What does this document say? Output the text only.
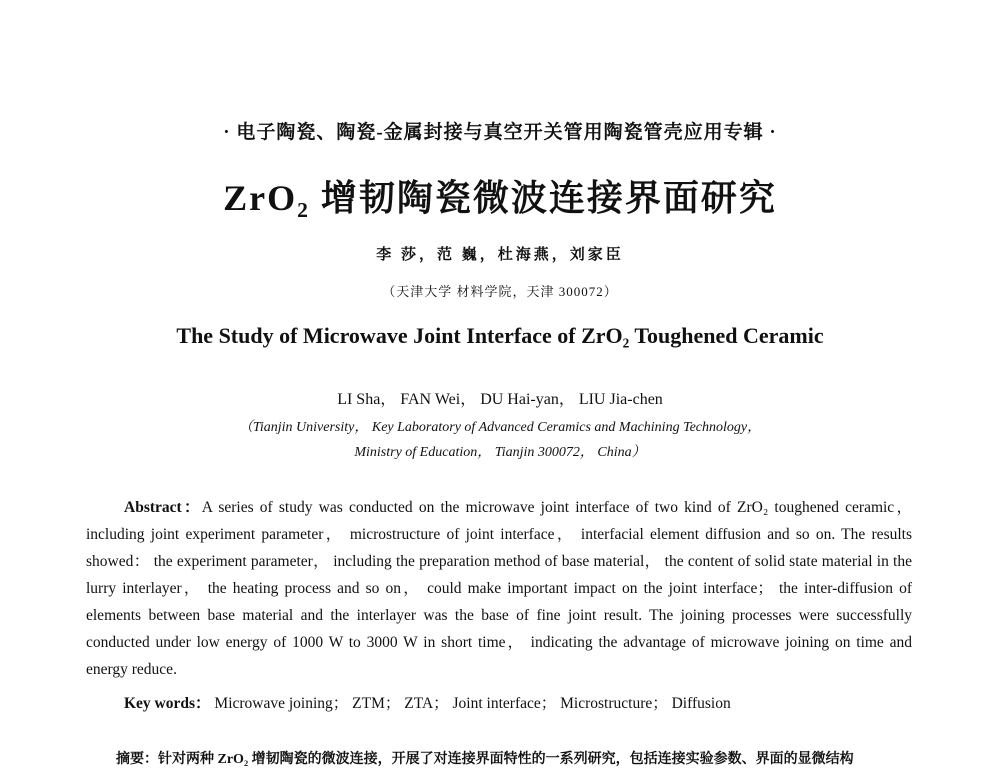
· 电子陶瓷、陶瓷-金属封接与真空开关管用陶瓷管壳应用专辑 ·
ZrO₂ 增韧陶瓷微波连接界面研究
李 莎，范 巍，杜海燕，刘家臣
（天津大学 材料学院，天津 300072）
The Study of Microwave Joint Interface of ZrO₂ Toughened Ceramic
LI Sha， FAN Wei， DU Hai-yan， LIU Jia-chen
（Tianjin University， Key Laboratory of Advanced Ceramics and Machining Technology，
Ministry of Education， Tianjin 300072， China）
Abstract：A series of study was conducted on the microwave joint interface of two kind of ZrO₂ toughened ceramic， including joint experiment parameter， microstructure of joint interface， interfacial element diffusion and so on. The results showed： the experiment parameter， including the preparation method of base material， the content of solid state material in the lurry interlayer， the heating process and so on， could make important impact on the joint interface； the inter-diffusion of elements between base material and the interlayer was the base of fine joint result. The joining processes were successfully conducted under low energy of 1000 W to 3000 W in short time， indicating the advantage of microwave joining on time and energy reduce.
Key words： Microwave joining； ZTM； ZTA； Joint interface； Microstructure； Diffusion
摘要：针对两种 ZrO₂ 增韧陶瓷的微波连接，开展了对连接界面特性的一系列研究，包括连接实验参数、界面的显微结构
